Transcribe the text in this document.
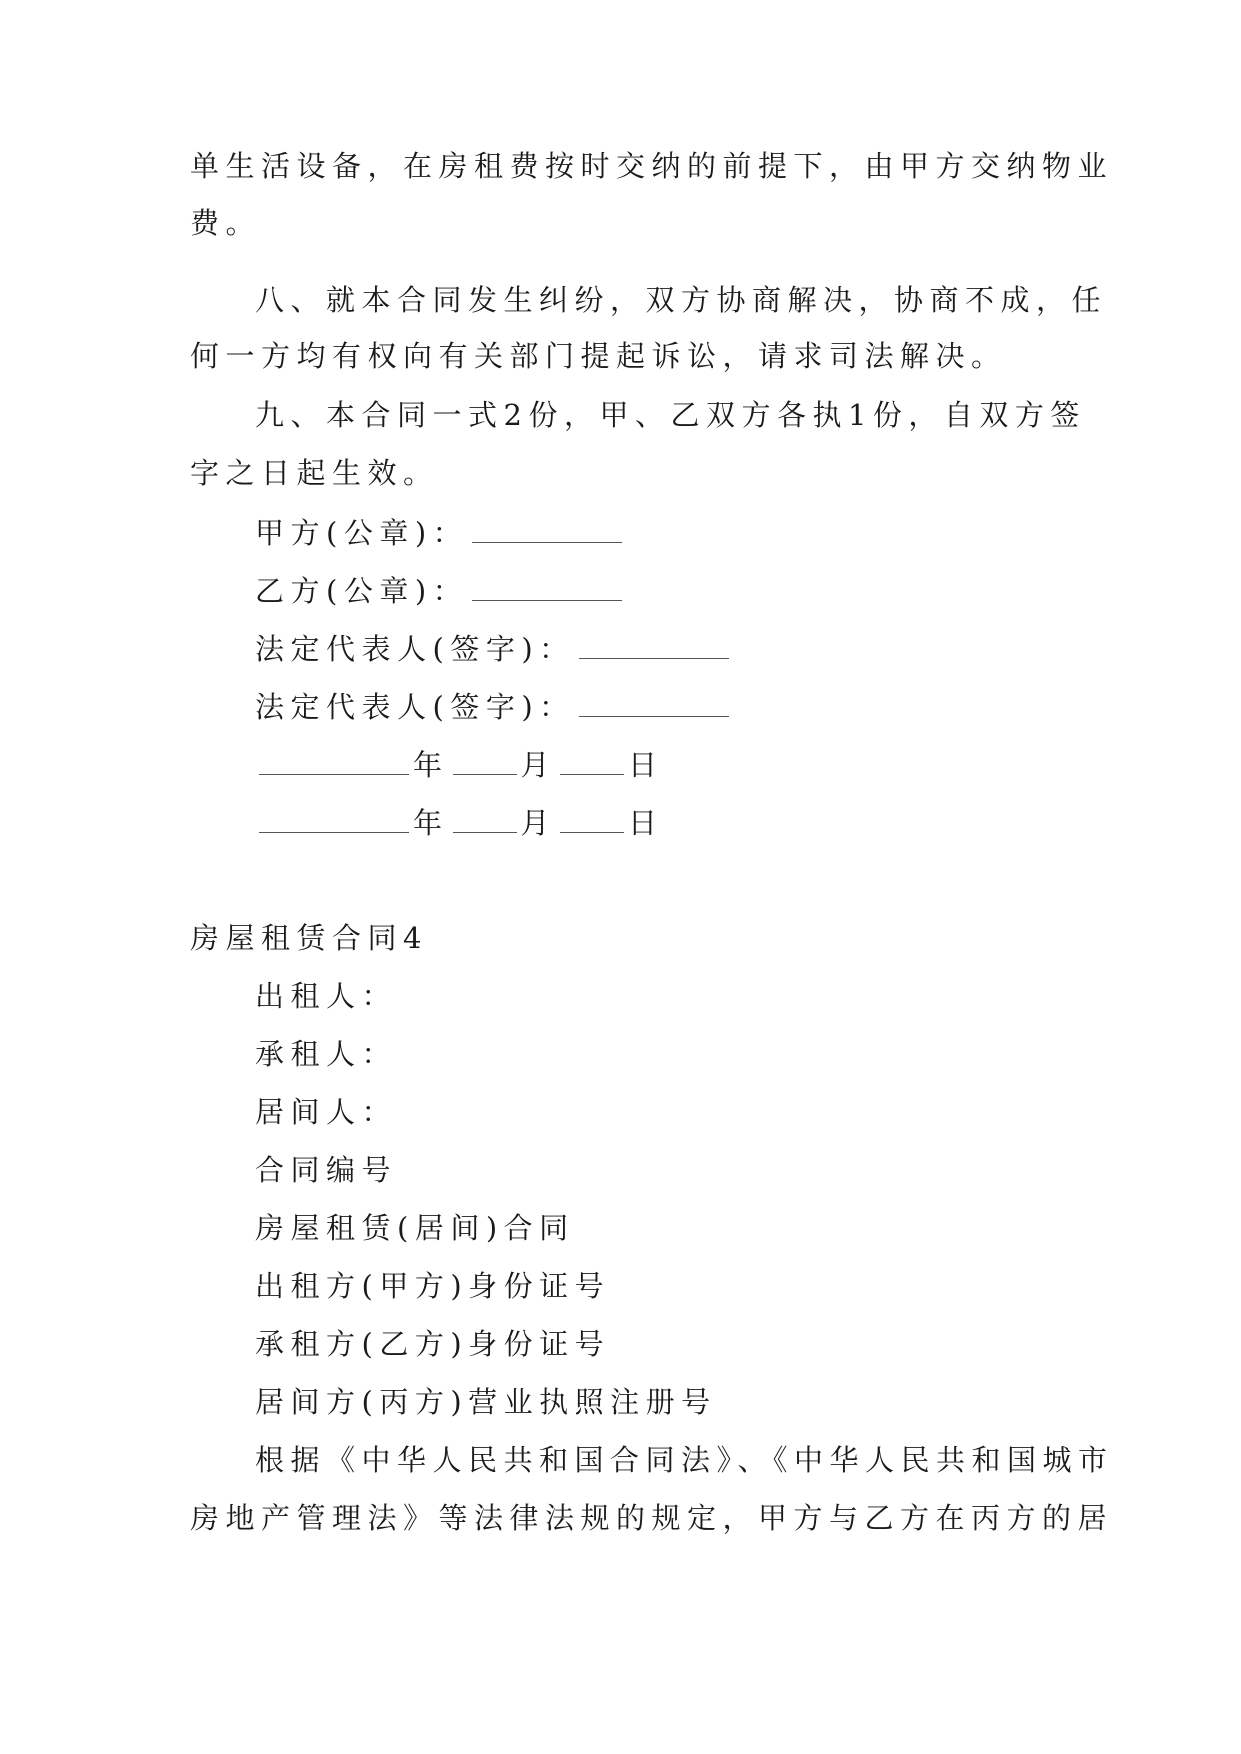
单生活设备，在房租费按时交纳的前提下，由甲方交纳物业
费。
八、就本合同发生纠纷，双方协商解决，协商不成，任
何一方均有权向有关部门提起诉讼，请求司法解决。
九、本合同一式2份，甲、乙双方各执1份，自双方签
字之日起生效。
甲方(公章)：
乙方(公章)：
法定代表人(签字)：
法定代表人(签字)：
年 月 日
年 月 日
房屋租赁合同4
出租人：
承租人：
居间人：
合同编号
房屋租赁(居间)合同
出租方(甲方)身份证号
承租方(乙方)身份证号
居间方(丙方)营业执照注册号
根据《中华人民共和国合同法》、《中华人民共和国城市
房地产管理法》等法律法规的规定，甲方与乙方在丙方的居
